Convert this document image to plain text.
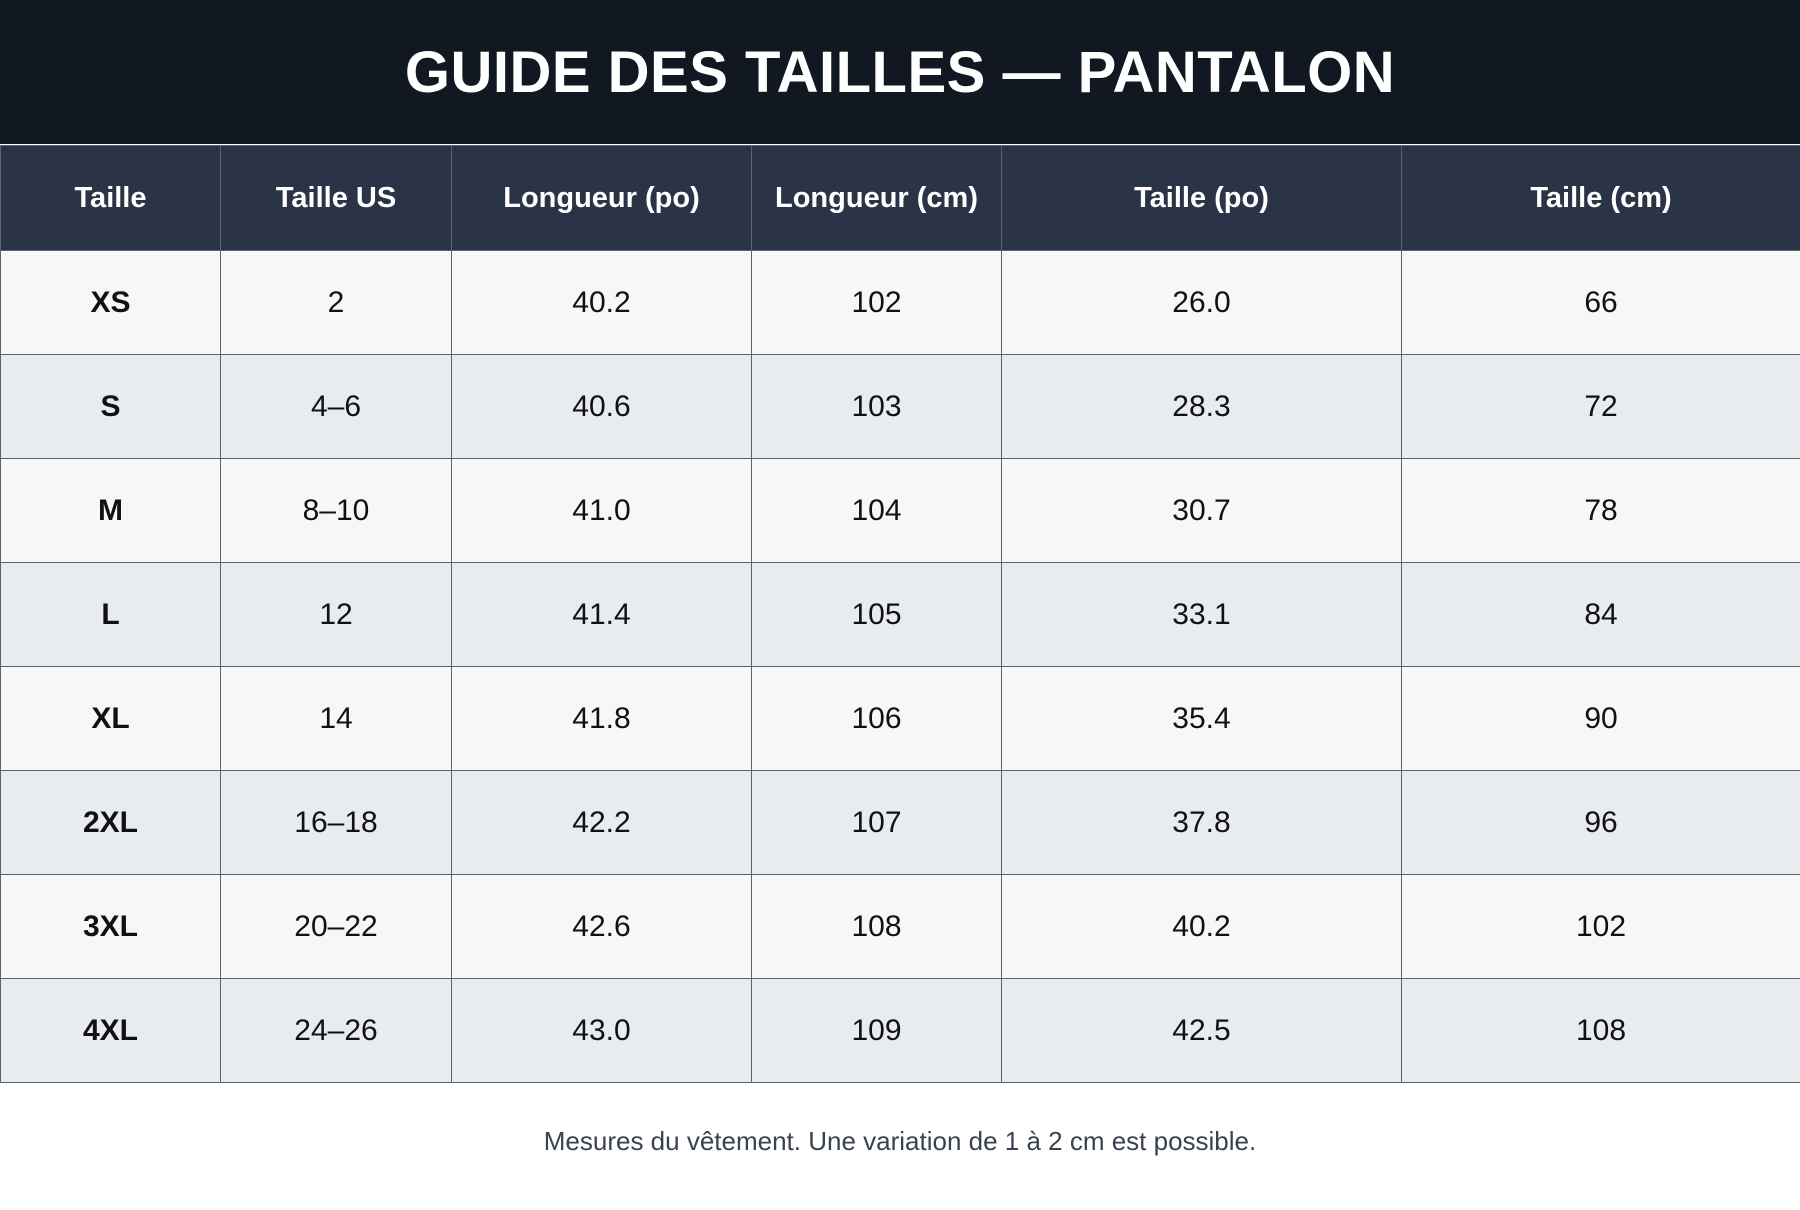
GUIDE DES TAILLES — PANTALON
Taille	Taille US	Longueur (po)	Longueur (cm)	Taille (po)	Taille (cm)
XS	2	40.2	102	26.0	66
S	4–6	40.6	103	28.3	72
M	8–10	41.0	104	30.7	78
L	12	41.4	105	33.1	84
XL	14	41.8	106	35.4	90
2XL	16–18	42.2	107	37.8	96
3XL	20–22	42.6	108	40.2	102
4XL	24–26	43.0	109	42.5	108
Mesures du vêtement. Une variation de 1 à 2 cm est possible.
